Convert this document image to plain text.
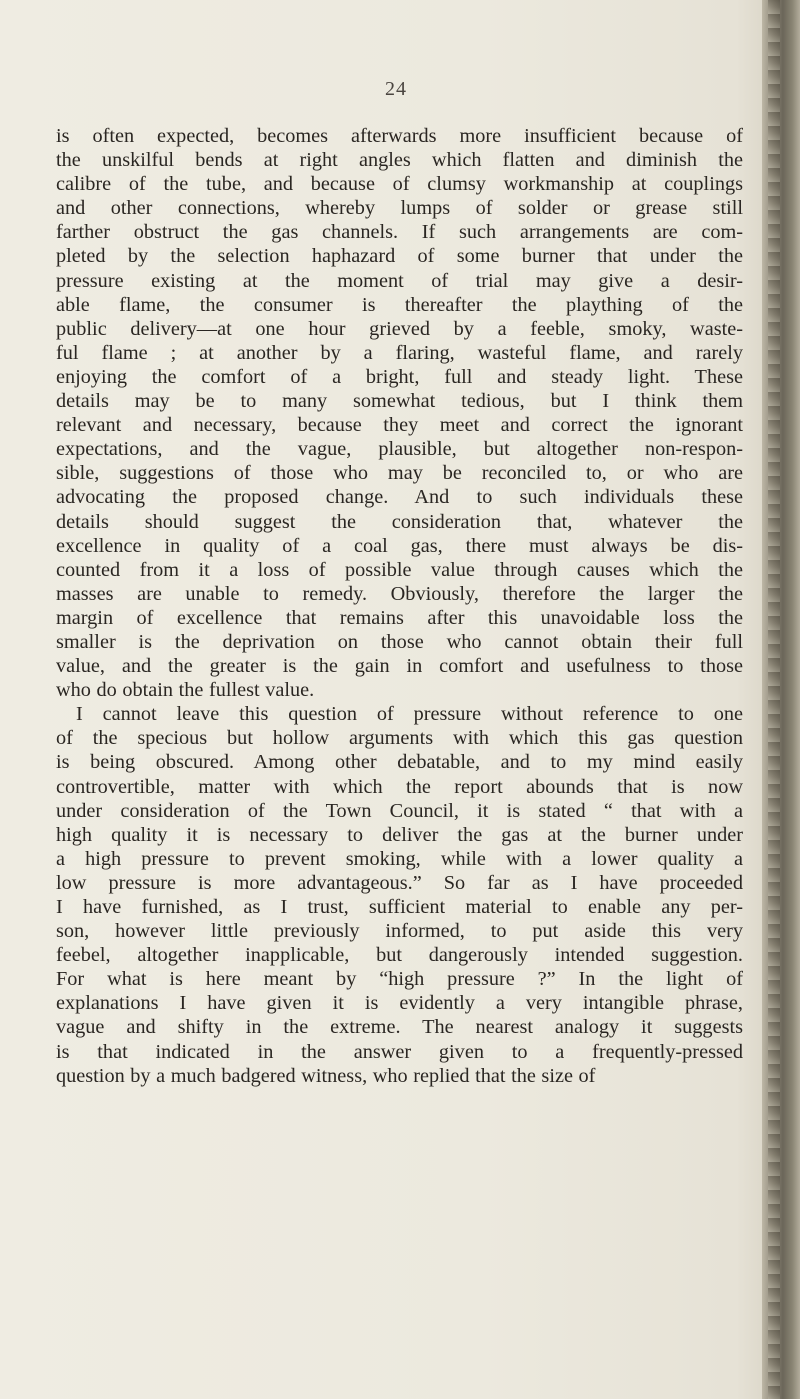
24
is often expected, becomes afterwards more insufficient because of
the unskilful bends at right angles which flatten and diminish the
calibre of the tube, and because of clumsy workmanship at couplings
and other connections, whereby lumps of solder or grease still
farther obstruct the gas channels. If such arrangements are com-
pleted by the selection haphazard of some burner that under the
pressure existing at the moment of trial may give a desir-
able flame, the consumer is thereafter the plaything of the
public delivery—at one hour grieved by a feeble, smoky, waste-
ful flame ; at another by a flaring, wasteful flame, and rarely
enjoying the comfort of a bright, full and steady light. These
details may be to many somewhat tedious, but I think them
relevant and necessary, because they meet and correct the ignorant
expectations, and the vague, plausible, but altogether non-respon-
sible, suggestions of those who may be reconciled to, or who are
advocating the proposed change. And to such individuals these
details should suggest the consideration that, whatever the
excellence in quality of a coal gas, there must always be dis-
counted from it a loss of possible value through causes which the
masses are unable to remedy. Obviously, therefore the larger the
margin of excellence that remains after this unavoidable loss the
smaller is the deprivation on those who cannot obtain their full
value, and the greater is the gain in comfort and usefulness to those
who do obtain the fullest value.
I cannot leave this question of pressure without reference to one
of the specious but hollow arguments with which this gas question
is being obscured. Among other debatable, and to my mind easily
controvertible, matter with which the report abounds that is now
under consideration of the Town Council, it is stated “ that with a
high quality it is necessary to deliver the gas at the burner under
a high pressure to prevent smoking, while with a lower quality a
low pressure is more advantageous.” So far as I have proceeded
I have furnished, as I trust, sufficient material to enable any per-
son, however little previously informed, to put aside this very
feebel, altogether inapplicable, but dangerously intended suggestion.
For what is here meant by “high pressure ?” In the light of
explanations I have given it is evidently a very intangible phrase,
vague and shifty in the extreme. The nearest analogy it suggests
is that indicated in the answer given to a frequently-pressed
question by a much badgered witness, who replied that the size of
